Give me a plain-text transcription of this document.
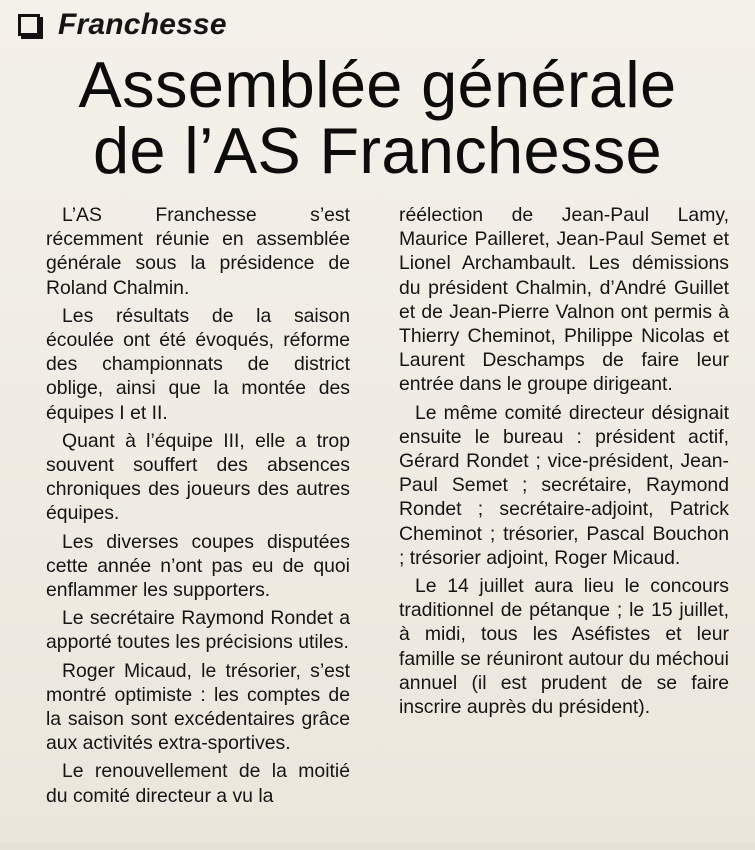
Franchesse
Assemblée générale
de l’AS Franchesse

L’AS Franchesse s’est récemment réunie en assemblée générale sous la présidence de Roland Chalmin.

Les résultats de la saison écoulée ont été évoqués, réforme des championnats de district oblige, ainsi que la montée des équipes I et II.

Quant à l’équipe III, elle a trop souvent souffert des absences chroniques des joueurs des autres équipes.

Les diverses coupes disputées cette année n’ont pas eu de quoi enflammer les supporters.

Le secrétaire Raymond Rondet a apporté toutes les précisions utiles.

Roger Micaud, le trésorier, s’est montré optimiste : les comptes de la saison sont excédentaires grâce aux activités extra-sportives.

Le renouvellement de la moitié du comité directeur a vu la

réélection de Jean-Paul Lamy, Maurice Pailleret, Jean-Paul Semet et Lionel Archambault. Les démissions du président Chalmin, d’André Guillet et de Jean-Pierre Valnon ont permis à Thierry Cheminot, Philippe Nicolas et Laurent Deschamps de faire leur entrée dans le groupe dirigeant.

Le même comité directeur désignait ensuite le bureau : président actif, Gérard Rondet ; vice-président, Jean-Paul Semet ; secrétaire, Raymond Rondet ; secrétaire-adjoint, Patrick Cheminot ; trésorier, Pascal Bouchon ; trésorier adjoint, Roger Micaud.

Le 14 juillet aura lieu le concours traditionnel de pétanque ; le 15 juillet, à midi, tous les Aséfistes et leur famille se réuniront autour du méchoui annuel (il est prudent de se faire inscrire auprès du président).
